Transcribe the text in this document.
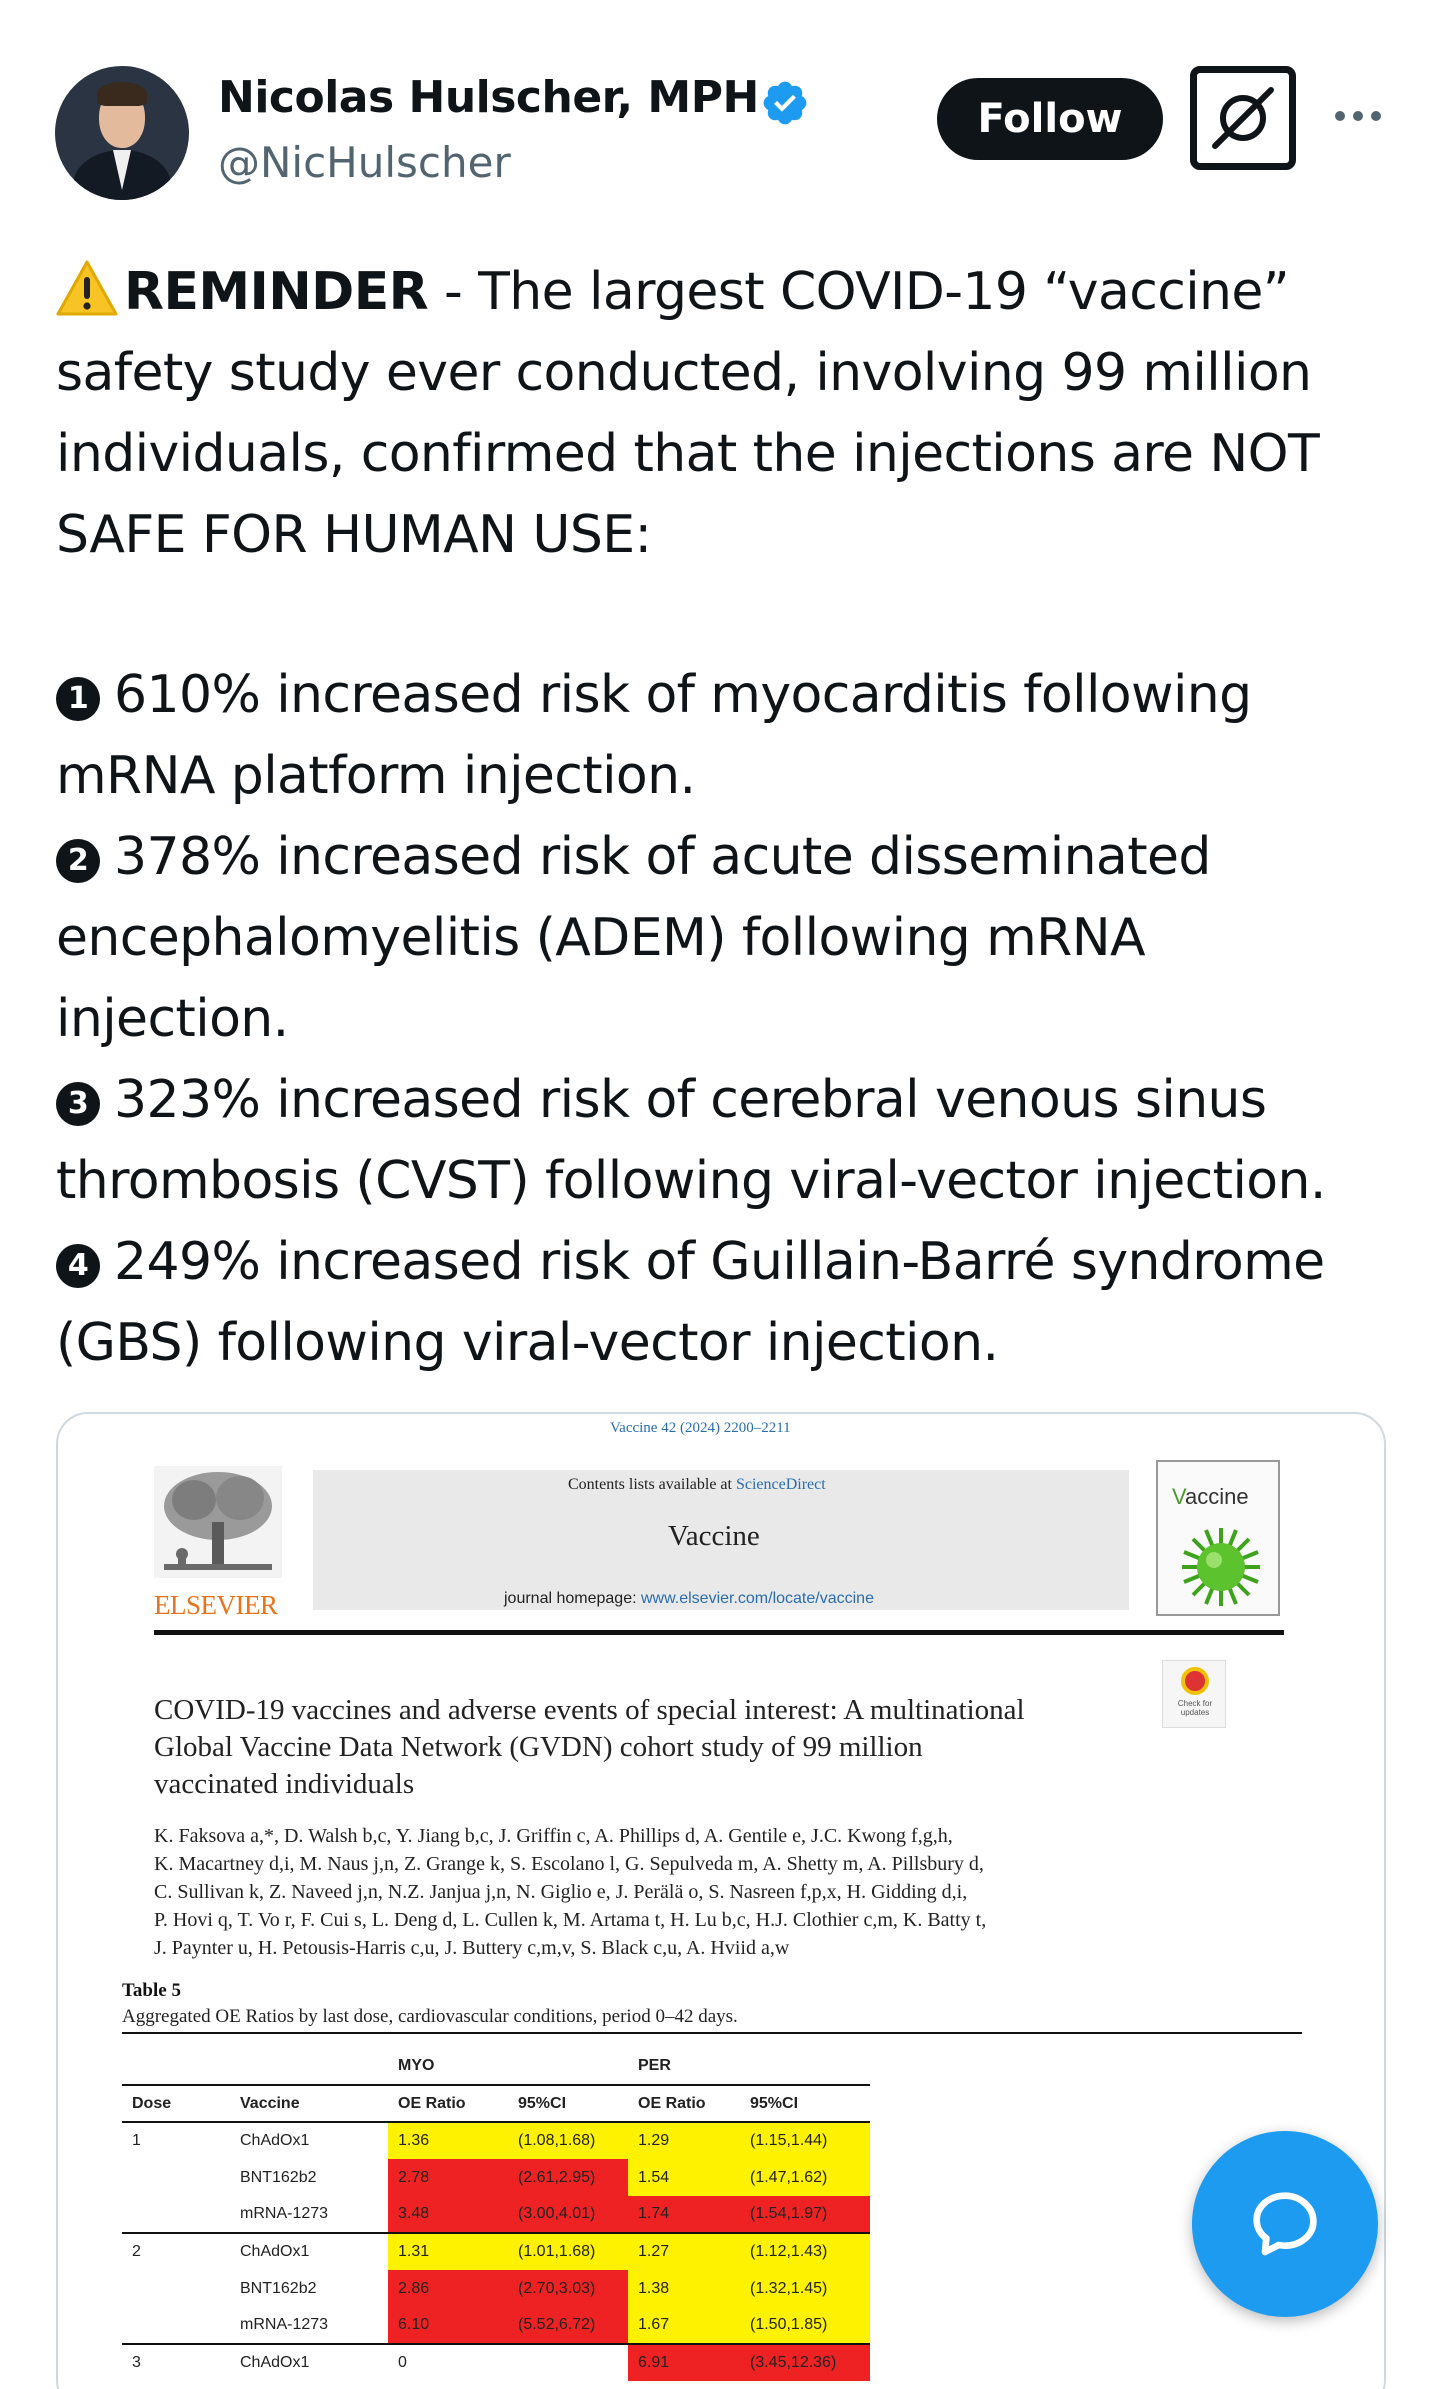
Nicolas Hulscher, MPH
@NicHulscher
Follow
REMINDER - The largest COVID-19 “vaccine”
safety study ever conducted, involving 99 million
individuals, confirmed that the injections are NOT
SAFE FOR HUMAN USE:
1 610% increased risk of myocarditis following
mRNA platform injection.
2 378% increased risk of acute disseminated
encephalomyelitis (ADEM) following mRNA
injection.
3 323% increased risk of cerebral venous sinus
thrombosis (CVST) following viral-vector injection.
4 249% increased risk of Guillain-Barré syndrome
(GBS) following viral-vector injection.
Vaccine 42 (2024) 2200–2211
ELSEVIER
Contents lists available at ScienceDirect
Vaccine
journal homepage: www.elsevier.com/locate/vaccine
Vaccine
Check for updates
COVID-19 vaccines and adverse events of special interest: A multinational
Global Vaccine Data Network (GVDN) cohort study of 99 million
vaccinated individuals
K. Faksova a,*, D. Walsh b,c, Y. Jiang b,c, J. Griffin c, A. Phillips d, A. Gentile e, J.C. Kwong f,g,h,
K. Macartney d,i, M. Naus j,n, Z. Grange k, S. Escolano l, G. Sepulveda m, A. Shetty m, A. Pillsbury d,
C. Sullivan k, Z. Naveed j,n, N.Z. Janjua j,n, N. Giglio e, J. Perälä o, S. Nasreen f,p,x, H. Gidding d,i,
P. Hovi q, T. Vo r, F. Cui s, L. Deng d, L. Cullen k, M. Artama t, H. Lu b,c, H.J. Clothier c,m, K. Batty t,
J. Paynter u, H. Petousis-Harris c,u, J. Buttery c,m,v, S. Black c,u, A. Hviid a,w
Table 5
Aggregated OE Ratios by last dose, cardiovascular conditions, period 0–42 days.
		MYO		PER	
Dose	Vaccine	OE Ratio	95%CI	OE Ratio	95%CI
1	ChAdOx1	1.36	(1.08,1.68)	1.29	(1.15,1.44)
	BNT162b2	2.78	(2.61,2.95)	1.54	(1.47,1.62)
	mRNA-1273	3.48	(3.00,4.01)	1.74	(1.54,1.97)
2	ChAdOx1	1.31	(1.01,1.68)	1.27	(1.12,1.43)
	BNT162b2	2.86	(2.70,3.03)	1.38	(1.32,1.45)
	mRNA-1273	6.10	(5.52,6.72)	1.67	(1.50,1.85)
3	ChAdOx1	0		6.91	(3.45,12.36)
